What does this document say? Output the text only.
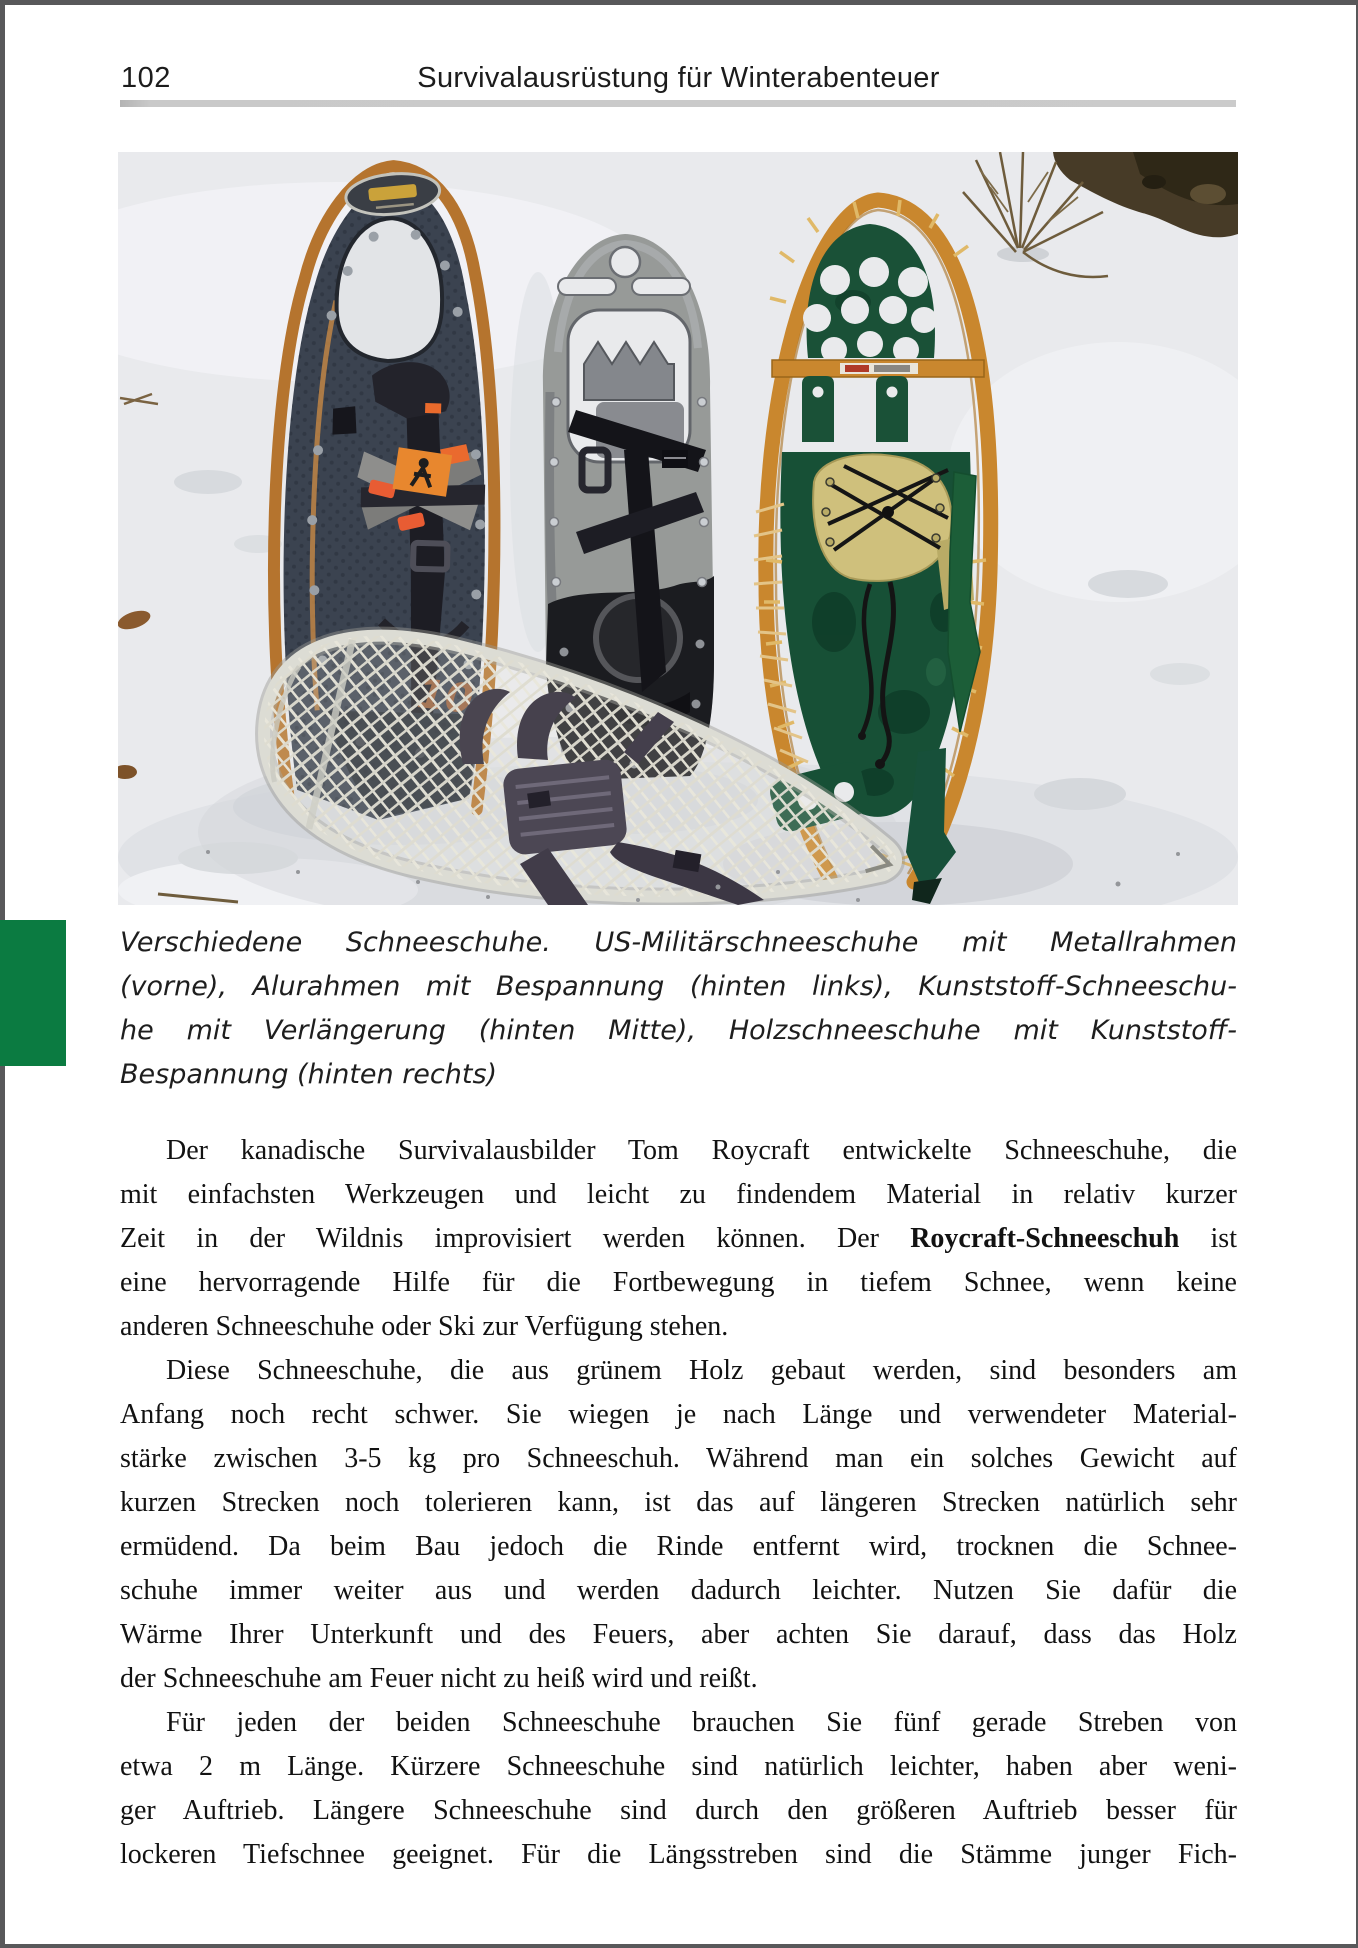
102	Survivalausrüstung für Winterabenteuer
Verschiedene Schneeschuhe. US-Militärschneeschuhe mit Metallrahmen
(vorne), Alurahmen mit Bespannung (hinten links), Kunststoff-Schneeschu-
he mit Verlängerung (hinten Mitte), Holzschneeschuhe mit Kunststoff-
Bespannung (hinten rechts)
Der kanadische Survivalausbilder Tom Roycraft entwickelte Schneeschuhe, die
mit einfachsten Werkzeugen und leicht zu findendem Material in relativ kurzer
Zeit in der Wildnis improvisiert werden können. Der Roycraft-Schneeschuh ist
eine hervorragende Hilfe für die Fortbewegung in tiefem Schnee, wenn keine
anderen Schneeschuhe oder Ski zur Verfügung stehen.
Diese Schneeschuhe, die aus grünem Holz gebaut werden, sind besonders am
Anfang noch recht schwer. Sie wiegen je nach Länge und verwendeter Material-
stärke zwischen 3-5 kg pro Schneeschuh. Während man ein solches Gewicht auf
kurzen Strecken noch tolerieren kann, ist das auf längeren Strecken natürlich sehr
ermüdend. Da beim Bau jedoch die Rinde entfernt wird, trocknen die Schnee-
schuhe immer weiter aus und werden dadurch leichter. Nutzen Sie dafür die
Wärme Ihrer Unterkunft und des Feuers, aber achten Sie darauf, dass das Holz
der Schneeschuhe am Feuer nicht zu heiß wird und reißt.
Für jeden der beiden Schneeschuhe brauchen Sie fünf gerade Streben von
etwa 2 m Länge. Kürzere Schneeschuhe sind natürlich leichter, haben aber weni-
ger Auftrieb. Längere Schneeschuhe sind durch den größeren Auftrieb besser für
lockeren Tiefschnee geeignet. Für die Längsstreben sind die Stämme junger Fich-
